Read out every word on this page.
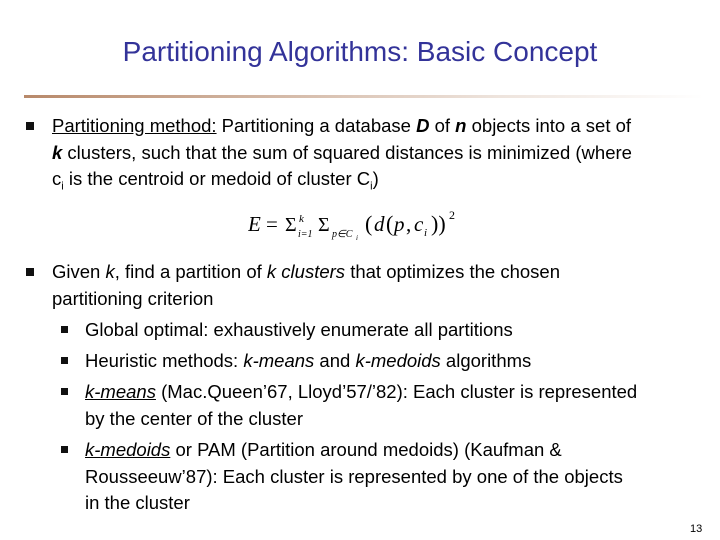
Partitioning Algorithms: Basic Concept
Partitioning method: Partitioning a database D of n objects into a set of
k clusters, such that the sum of squared distances is minimized (where
$c_i$ is the centroid or medoid of cluster $C_i$)
E = Σ k
i=1 Σ p∈C i
( d ( p , c i )) 2
Given k, find a partition of k clusters that optimizes the chosen
partitioning criterion
Global optimal: exhaustively enumerate all partitions
Heuristic methods: k-means and k-medoids algorithms
k-means (Mac.Queen’67, Lloyd’57/’82): Each cluster is represented
by the center of the cluster
k-medoids or PAM (Partition around medoids) (Kaufman &
Rousseeuw’87): Each cluster is represented by one of the objects
in the cluster
13
